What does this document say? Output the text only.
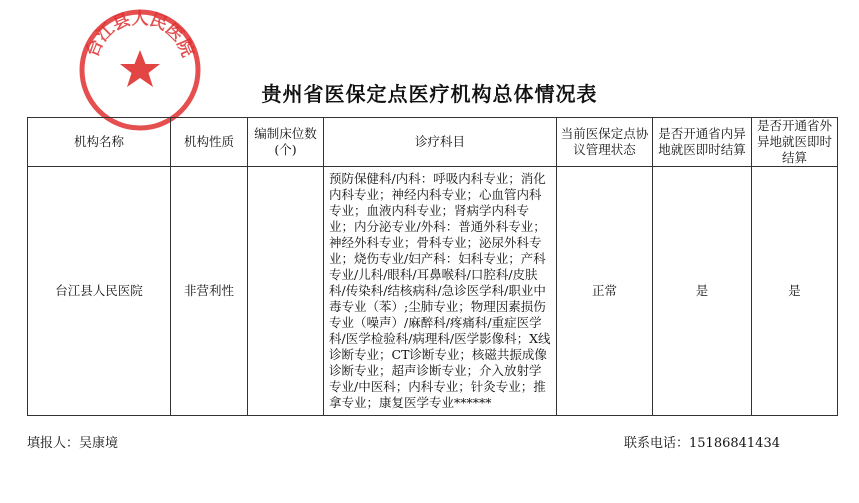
台江县人民医院
贵州省医保定点医疗机构总体情况表
机构名称	机构性质	编制床位数(个)	诊疗科目	当前医保定点协议管理状态	是否开通省内异地就医即时结算	是否开通省外异地就医即时结算
台江县人民医院	非营利性		预防保健科/内科：呼吸内科专业；消化内科专业；神经内科专业；心血管内科专业；血液内科专业；肾病学内科专业；内分泌专业/外科：普通外科专业；神经外科专业；骨科专业；泌尿外科专业；烧伤专业/妇产科：妇科专业；产科专业/儿科/眼科/耳鼻喉科/口腔科/皮肤科/传染科/结核病科/急诊医学科/职业中毒专业（苯）;尘肺专业；物理因素损伤专业（噪声）/麻醉科/疼痛科/重症医学科/医学检验科/病理科/医学影像科；X线诊断专业；CT诊断专业；核磁共振成像诊断专业；超声诊断专业；介入放射学专业/中医科；内科专业；针灸专业；推拿专业；康复医学专业******	正常	是	是
填报人：吴康境	联系电话：15186841434
